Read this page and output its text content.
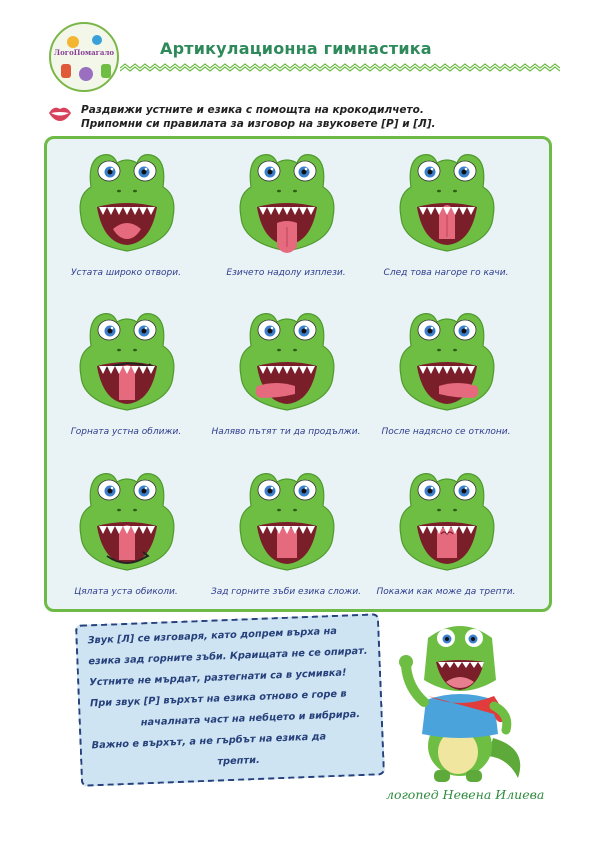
ЛогоПомагало	Артикулационна гимнастика
Раздвижи устните и езика с помощта на крокодилчето.
Припомни си правилата за изговор на звуковете [Р] и [Л].
Устата широко отвори.	Езичето надолу изплези.	След това нагоре го качи.
Горната устна оближи.	Наляво пътят ти да продължи.	После надясно се отклони.
Цялата уста обиколи.	Зад горните зъби езика сложи.	Покажи как може да трепти.
Звук [Л] се изговаря, като допрем върха на
езика зад горните зъби. Краищата не се опират.
Устните не мърдат, разтегнати са в усмивка!
При звук [Р] върхът на езика отново е горе в
началната част на небцето и вибрира.
Важно е върхът, а не гърбът на езика да
трепти.
логопед Невена Илиева
